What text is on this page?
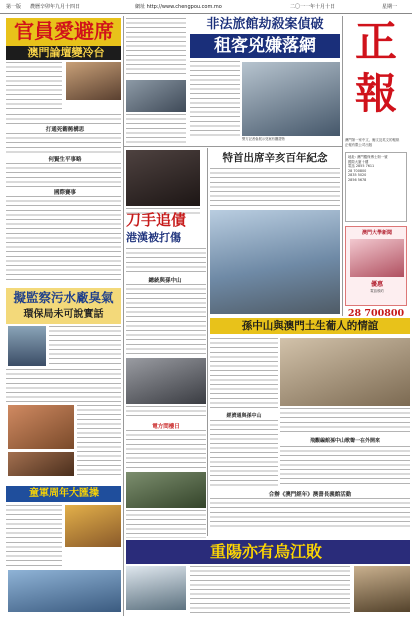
第一版 農曆辛卯年九月十四日	網址 http://www.chengpou.com.mo	二〇一一年十月十日	星期一
官員愛避席
澳門論壇變冷台
打通死衚衕構思
何賢生平事略
國際賽事
擬監察污水廠臭氣
環保局未可說實話
童軍周年大匯操
非法旅館劫殺案偵破
租客兇嫌落網
警方記者會展示兇案有關證物
刀手追債
港漢被打傷
總統與孫中山
電方問樓日
特首出席辛亥百年紀念
孫中山與澳門土生葡人的情誼
經濟通與孫中山
飛觀編館孫中山歌聲一在外開來
合辦《澳門經年》澳書長義館活動
正
報
澳門第一家中文、葡文及英文的報紙
正報有限公司出版
地址: 澳門羅保博士街一號
國際大廈十樓
電話 2855 7611
28 700800
2835 5020
2856 5678
澳門大學新聞
優惠
電話預約
28 700800
重陽亦有烏江敗
